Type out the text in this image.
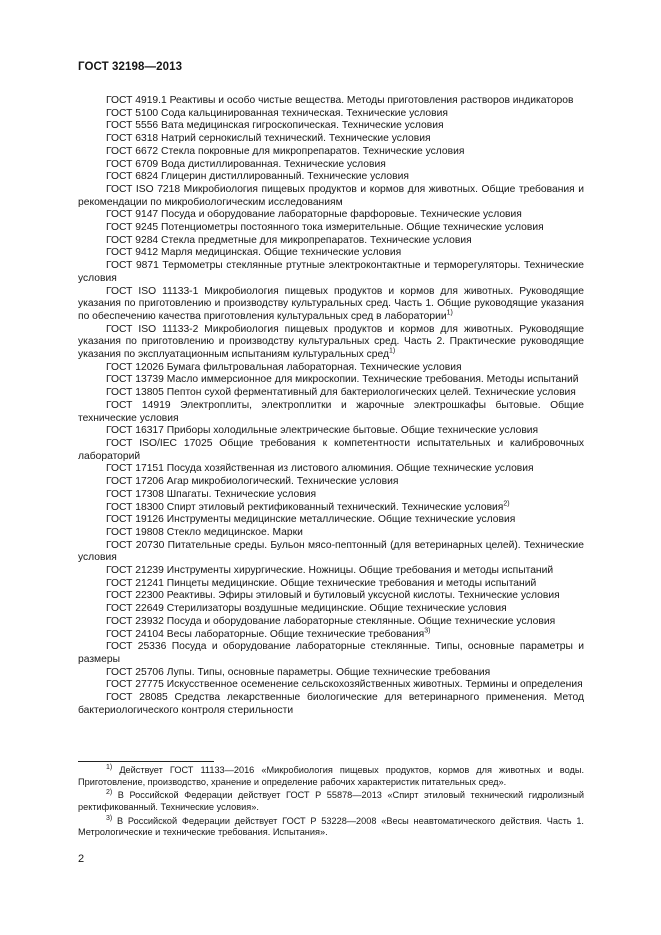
ГОСТ 32198—2013

ГОСТ 4919.1 Реактивы и особо чистые вещества. Методы приготовления растворов индикаторов

ГОСТ 5100 Сода кальцинированная техническая. Технические условия

ГОСТ 5556 Вата медицинская гигроскопическая. Технические условия

ГОСТ 6318 Натрий сернокислый технический. Технические условия

ГОСТ 6672 Стекла покровные для микропрепаратов. Технические условия

ГОСТ 6709 Вода дистиллированная. Технические условия

ГОСТ 6824 Глицерин дистиллированный. Технические условия

ГОСТ ISO 7218 Микробиология пищевых продуктов и кормов для животных. Общие требования и рекомендации по микробиологическим исследованиям

ГОСТ 9147 Посуда и оборудование лабораторные фарфоровые. Технические условия

ГОСТ 9245 Потенциометры постоянного тока измерительные. Общие технические условия

ГОСТ 9284 Стекла предметные для микропрепаратов. Технические условия

ГОСТ 9412 Марля медицинская. Общие технические условия

ГОСТ 9871 Термометры стеклянные ртутные электроконтактные и терморегуляторы. Технические условия

ГОСТ ISO 11133-1 Микробиология пищевых продуктов и кормов для животных. Руководящие указания по приготовлению и производству культуральных сред. Часть 1. Общие руководящие указания по обеспечению качества приготовления культуральных сред в лаборатории$^{1)}$

ГОСТ ISO 11133-2 Микробиология пищевых продуктов и кормов для животных. Руководящие указания по приготовлению и производству культуральных сред. Часть 2. Практические руководящие указания по эксплуатационным испытаниям культуральных сред$^{1)}$

ГОСТ 12026 Бумага фильтровальная лабораторная. Технические условия

ГОСТ 13739 Масло иммерсионное для микроскопии. Технические требования. Методы испытаний

ГОСТ 13805 Пептон сухой ферментативный для бактериологических целей. Технические условия

ГОСТ 14919 Электроплиты, электроплитки и жарочные электрошкафы бытовые. Общие технические условия

ГОСТ 16317 Приборы холодильные электрические бытовые. Общие технические условия

ГОСТ ISO/IEC 17025 Общие требования к компетентности испытательных и калибровочных лабораторий

ГОСТ 17151 Посуда хозяйственная из листового алюминия. Общие технические условия

ГОСТ 17206 Агар микробиологический. Технические условия

ГОСТ 17308 Шпагаты. Технические условия

ГОСТ 18300 Спирт этиловый ректификованный технический. Технические условия$^{2)}$

ГОСТ 19126 Инструменты медицинские металлические. Общие технические условия

ГОСТ 19808 Стекло медицинское. Марки

ГОСТ 20730 Питательные среды. Бульон мясо-пептонный (для ветеринарных целей). Технические условия

ГОСТ 21239 Инструменты хирургические. Ножницы. Общие требования и методы испытаний

ГОСТ 21241 Пинцеты медицинские. Общие технические требования и методы испытаний

ГОСТ 22300 Реактивы. Эфиры этиловый и бутиловый уксусной кислоты. Технические условия

ГОСТ 22649 Стерилизаторы воздушные медицинские. Общие технические условия

ГОСТ 23932 Посуда и оборудование лабораторные стеклянные. Общие технические условия

ГОСТ 24104 Весы лабораторные. Общие технические требования$^{3)}$

ГОСТ 25336 Посуда и оборудование лабораторные стеклянные. Типы, основные параметры и размеры

ГОСТ 25706 Лупы. Типы, основные параметры. Общие технические требования

ГОСТ 27775 Искусственное осеменение сельскохозяйственных животных. Термины и определения

ГОСТ 28085 Средства лекарственные биологические для ветеринарного применения. Метод бактериологического контроля стерильности

$^{1)}$ Действует ГОСТ 11133—2016 «Микробиология пищевых продуктов, кормов для животных и воды. Приготовление, производство, хранение и определение рабочих характеристик питательных сред».

$^{2)}$ В Российской Федерации действует ГОСТ Р 55878—2013 «Спирт этиловый технический гидролизный ректификованный. Технические условия».

$^{3)}$ В Российской Федерации действует ГОСТ Р 53228—2008 «Весы неавтоматического действия. Часть 1. Метрологические и технические требования. Испытания».

2
